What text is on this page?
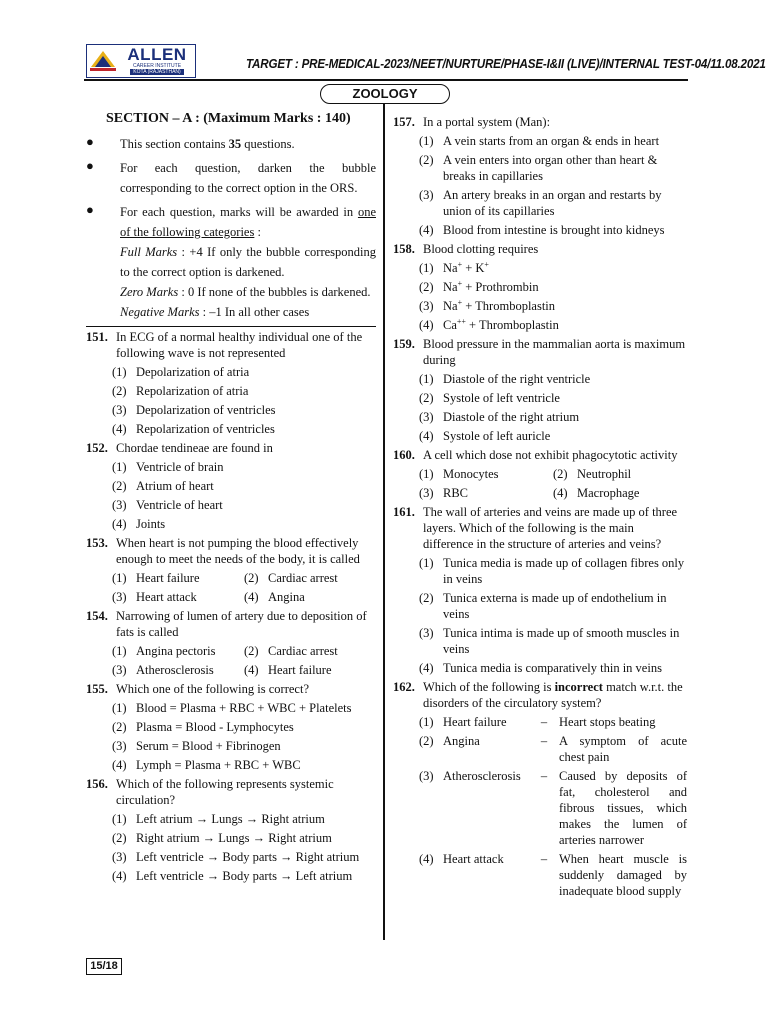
ALLEN
CAREER INSTITUTE
KOTA (RAJASTHAN)
TARGET : PRE-MEDICAL-2023/NEET/NURTURE/PHASE-I&II (LIVE)/INTERNAL TEST-04/11.08.2021
ZOOLOGY
SECTION – A : (Maximum Marks : 140)
●	This section contains 35 questions.
●	For each question, darken the bubble corresponding to the correct option in the ORS.
●	For each question, marks will be awarded in one of the following categories :
Full Marks : +4 If only the bubble corresponding to the correct option is darkened.
Zero Marks : 0 If none of the bubbles is darkened.
Negative Marks : –1 In all other cases
151. In ECG of a normal healthy individual one of the following wave is not represented
(1) Depolarization of atria
(2) Repolarization of atria
(3) Depolarization of ventricles
(4) Repolarization of ventricles
152. Chordae tendineae are found in
(1) Ventricle of brain
(2) Atrium of heart
(3) Ventricle of heart
(4) Joints
153. When heart is not pumping the blood effectively enough to meet the needs of the body, it is called
(1) Heart failure	(2) Cardiac arrest
(3) Heart attack	(4) Angina
154. Narrowing of lumen of artery due to deposition of fats is called
(1) Angina pectoris	(2) Cardiac arrest
(3) Atherosclerosis	(4) Heart failure
155. Which one of the following is correct?
(1) Blood = Plasma + RBC + WBC + Platelets
(2) Plasma = Blood - Lymphocytes
(3) Serum = Blood + Fibrinogen
(4) Lymph = Plasma + RBC + WBC
156. Which of the following represents systemic circulation?
(1) Left atrium → Lungs → Right atrium
(2) Right atrium → Lungs → Right atrium
(3) Left ventricle → Body parts → Right atrium
(4) Left ventricle → Body parts → Left atrium
157. In a portal system (Man):
(1) A vein starts from an organ & ends in heart
(2) A vein enters into organ other than heart & breaks in capillaries
(3) An artery breaks in an organ and restarts by union of its capillaries
(4) Blood from intestine is brought into kidneys
158. Blood clotting requires
(1) Na+ + K+
(2) Na+ + Prothrombin
(3) Na+ + Thromboplastin
(4) Ca++ + Thromboplastin
159. Blood pressure in the mammalian aorta is maximum during
(1) Diastole of the right ventricle
(2) Systole of left ventricle
(3) Diastole of the right atrium
(4) Systole of left auricle
160. A cell which dose not exhibit phagocytotic activity
(1) Monocytes	(2) Neutrophil
(3) RBC	(4) Macrophage
161. The wall of arteries and veins are made up of three layers. Which of the following is the main difference in the structure of arteries and veins?
(1) Tunica media is made up of collagen fibres only in veins
(2) Tunica externa is made up of endothelium in veins
(3) Tunica intima is made up of smooth muscles in veins
(4) Tunica media is comparatively thin in veins
162. Which of the following is incorrect match w.r.t. the disorders of the circulatory system?
(1) Heart failure	– Heart stops beating
(2) Angina	– A symptom of acute chest pain
(3) Atherosclerosis	– Caused by deposits of fat, cholesterol and fibrous tissues, which makes the lumen of arteries narrower
(4) Heart attack	– When heart muscle is suddenly damaged by inadequate blood supply
15/18
